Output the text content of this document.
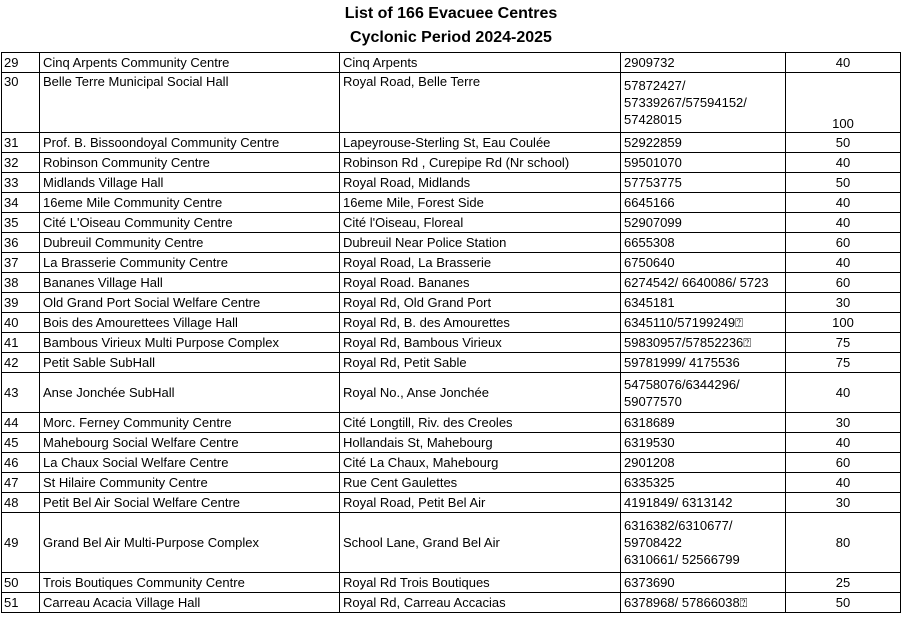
List of 166 Evacuee Centres
Cyclonic Period 2024-2025
29	Cinq Arpents Community Centre	Cinq Arpents	2909732	40
30	Belle Terre Municipal Social Hall	Royal Road, Belle Terre	57872427/
57339267/57594152/
57428015	100
31	Prof. B. Bissoondoyal Community Centre	Lapeyrouse-Sterling St, Eau Coulée	52922859	50
32	Robinson Community Centre	Robinson Rd , Curepipe Rd (Nr school)	59501070	40
33	Midlands Village Hall	Royal Road, Midlands	57753775	50
34	16eme Mile Community Centre	16eme Mile, Forest Side	6645166	40
35	Cité L'Oiseau Community Centre	Cité l'Oiseau, Floreal	52907099	40
36	Dubreuil Community Centre	Dubreuil Near Police Station	6655308	60
37	La Brasserie Community Centre	Royal Road, La Brasserie	6750640	40
38	Bananes Village Hall	Royal Road. Bananes	6274542/ 6640086/ 5723	60
39	Old Grand Port Social Welfare Centre	Royal Rd, Old Grand Port	6345181	30
40	Bois des Amourettees Village Hall	Royal Rd, B. des Amourettes	6345110/57199249⍰	100
41	Bambous Virieux Multi Purpose Complex	Royal Rd, Bambous Virieux	59830957/57852236⍰	75
42	Petit Sable SubHall	Royal Rd, Petit Sable	59781999/ 4175536	75
43	Anse Jonchée SubHall	Royal No., Anse Jonchée	54758076/6344296/
59077570	40
44	Morc. Ferney Community Centre	Cité Longtill, Riv. des Creoles	6318689	30
45	Mahebourg Social Welfare Centre	Hollandais St, Mahebourg	6319530	40
46	La Chaux Social Welfare Centre	Cité La Chaux, Mahebourg	2901208	60
47	St Hilaire Community Centre	Rue Cent Gaulettes	6335325	40
48	Petit Bel Air Social Welfare Centre	Royal Road, Petit Bel Air	4191849/ 6313142	30
49	Grand Bel Air Multi-Purpose Complex	School Lane, Grand Bel Air	6316382/6310677/
59708422
6310661/ 52566799	80
50	Trois Boutiques Community Centre	Royal Rd Trois Boutiques	6373690	25
51	Carreau Acacia Village Hall	Royal Rd, Carreau Accacias	6378968/ 57866038⍰	50
